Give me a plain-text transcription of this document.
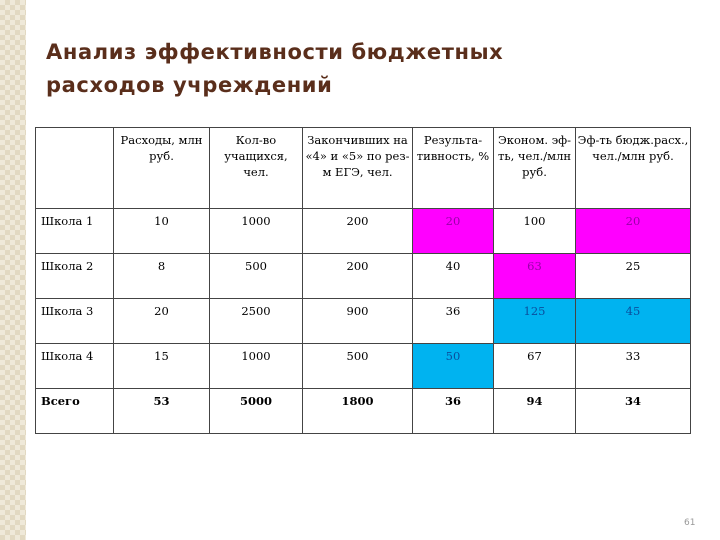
Анализ эффективности бюджетных
расходов учреждений
	Расходы, млн руб.	Кол-во учащихся, чел.	Закончивших на «4» и «5» по рез-м ЕГЭ, чел.	Результа-тивность, %	Эконом. эф-ть, чел./млн руб.	Эф-ть бюдж.расх., чел./млн руб.
Школа 1	10	1000	200	20	100	20
Школа 2	8	500	200	40	63	25
Школа 3	20	2500	900	36	125	45
Школа 4	15	1000	500	50	67	33
Всего	53	5000	1800	36	94	34
61
